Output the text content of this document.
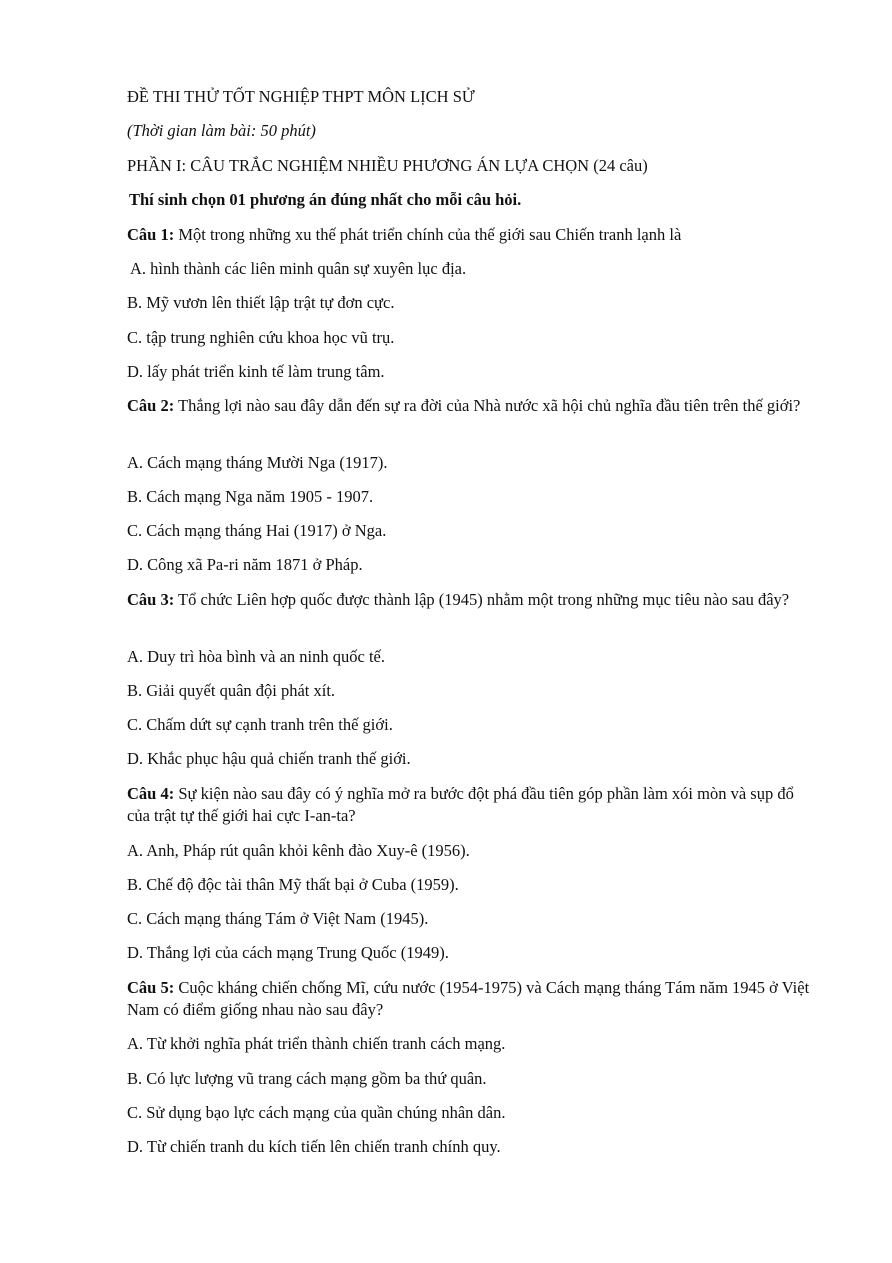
ĐỀ THI THỬ TỐT NGHIỆP THPT MÔN LỊCH SỬ
(Thời gian làm bài: 50 phút)
PHẦN I: CÂU TRẮC NGHIỆM NHIỀU PHƯƠNG ÁN LỰA CHỌN (24 câu)
Thí sinh chọn 01 phương án đúng nhất cho mỗi câu hỏi.
Câu 1: Một trong những xu thế phát triển chính của thế giới sau Chiến tranh lạnh là
A. hình thành các liên minh quân sự xuyên lục địa.
B. Mỹ vươn lên thiết lập trật tự đơn cực.
C. tập trung nghiên cứu khoa học vũ trụ.
D. lấy phát triển kinh tế làm trung tâm.
Câu 2: Thắng lợi nào sau đây dẫn đến sự ra đời của Nhà nước xã hội chủ nghĩa đầu tiên trên thế giới?
A. Cách mạng tháng Mười Nga (1917).
B. Cách mạng Nga năm 1905 - 1907.
C. Cách mạng tháng Hai (1917) ở Nga.
D. Công xã Pa-ri năm 1871 ở Pháp.
Câu 3: Tổ chức Liên hợp quốc được thành lập (1945) nhằm một trong những mục tiêu nào sau đây?
A. Duy trì hòa bình và an ninh quốc tế.
B. Giải quyết quân đội phát xít.
C. Chấm dứt sự cạnh tranh trên thế giới.
D. Khắc phục hậu quả chiến tranh thế giới.
Câu 4: Sự kiện nào sau đây có ý nghĩa mở ra bước đột phá đầu tiên góp phần làm xói mòn và sụp đổ của trật tự thế giới hai cực I-an-ta?
A. Anh, Pháp rút quân khỏi kênh đào Xuy-ê (1956).
B. Chế độ độc tài thân Mỹ thất bại ở Cuba (1959).
C. Cách mạng tháng Tám ở Việt Nam (1945).
D. Thắng lợi của cách mạng Trung Quốc (1949).
Câu 5: Cuộc kháng chiến chống Mĩ, cứu nước (1954-1975) và Cách mạng tháng Tám năm 1945 ở Việt Nam có điểm giống nhau nào sau đây?
A. Từ khởi nghĩa phát triển thành chiến tranh cách mạng.
B. Có lực lượng vũ trang cách mạng gồm ba thứ quân.
C. Sử dụng bạo lực cách mạng của quần chúng nhân dân.
D. Từ chiến tranh du kích tiến lên chiến tranh chính quy.
